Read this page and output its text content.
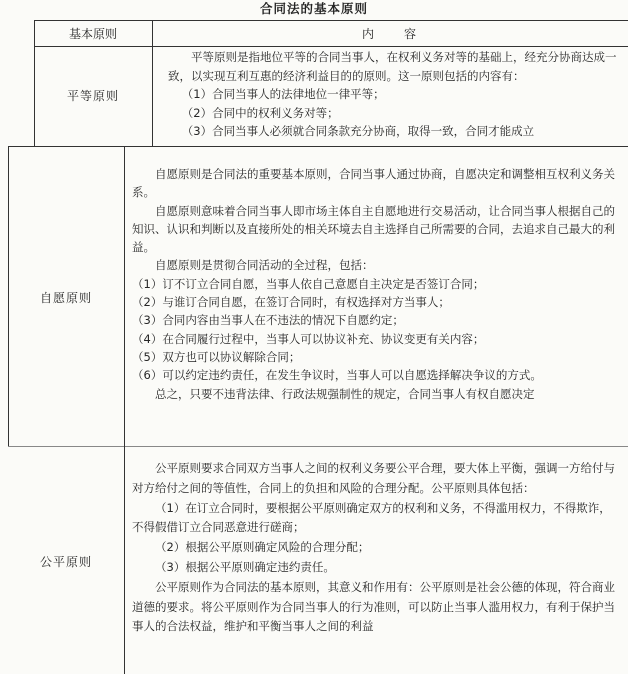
合同法的基本原则
基本原则	内　　容
平等原则

平等原则是指地位平等的合同当事人，在权利义务对等的基础上，经充分协商达成一致，以实现互利互惠的经济利益目的的原则。这一原则包括的内容有：

（1）合同当事人的法律地位一律平等；

（2）合同中的权利义务对等；

（3）合同当事人必须就合同条款充分协商，取得一致，合同才能成立

自愿原则

自愿原则是合同法的重要基本原则，合同当事人通过协商，自愿决定和调整相互权利义务关系。

自愿原则意味着合同当事人即市场主体自主自愿地进行交易活动，让合同当事人根据自己的知识、认识和判断以及直接所处的相关环境去自主选择自己所需要的合同，去追求自己最大的利益。

自愿原则是贯彻合同活动的全过程，包括：

（1）订不订立合同自愿，当事人依自己意愿自主决定是否签订合同；

（2）与谁订合同自愿，在签订合同时，有权选择对方当事人；

（3）合同内容由当事人在不违法的情况下自愿约定；

（4）在合同履行过程中，当事人可以协议补充、协议变更有关内容；

（5）双方也可以协议解除合同；

（6）可以约定违约责任，在发生争议时，当事人可以自愿选择解决争议的方式。

总之，只要不违背法律、行政法规强制性的规定，合同当事人有权自愿决定

公平原则

公平原则要求合同双方当事人之间的权利义务要公平合理，要大体上平衡，强调一方给付与对方给付之间的等值性，合同上的负担和风险的合理分配。公平原则具体包括：

（1）在订立合同时，要根据公平原则确定双方的权利和义务，不得滥用权力，不得欺诈，不得假借订立合同恶意进行磋商；

（2）根据公平原则确定风险的合理分配；

（3）根据公平原则确定违约责任。

公平原则作为合同法的基本原则，其意义和作用有：公平原则是社会公德的体现，符合商业道德的要求。将公平原则作为合同当事人的行为准则，可以防止当事人滥用权力，有利于保护当事人的合法权益，维护和平衡当事人之间的利益
